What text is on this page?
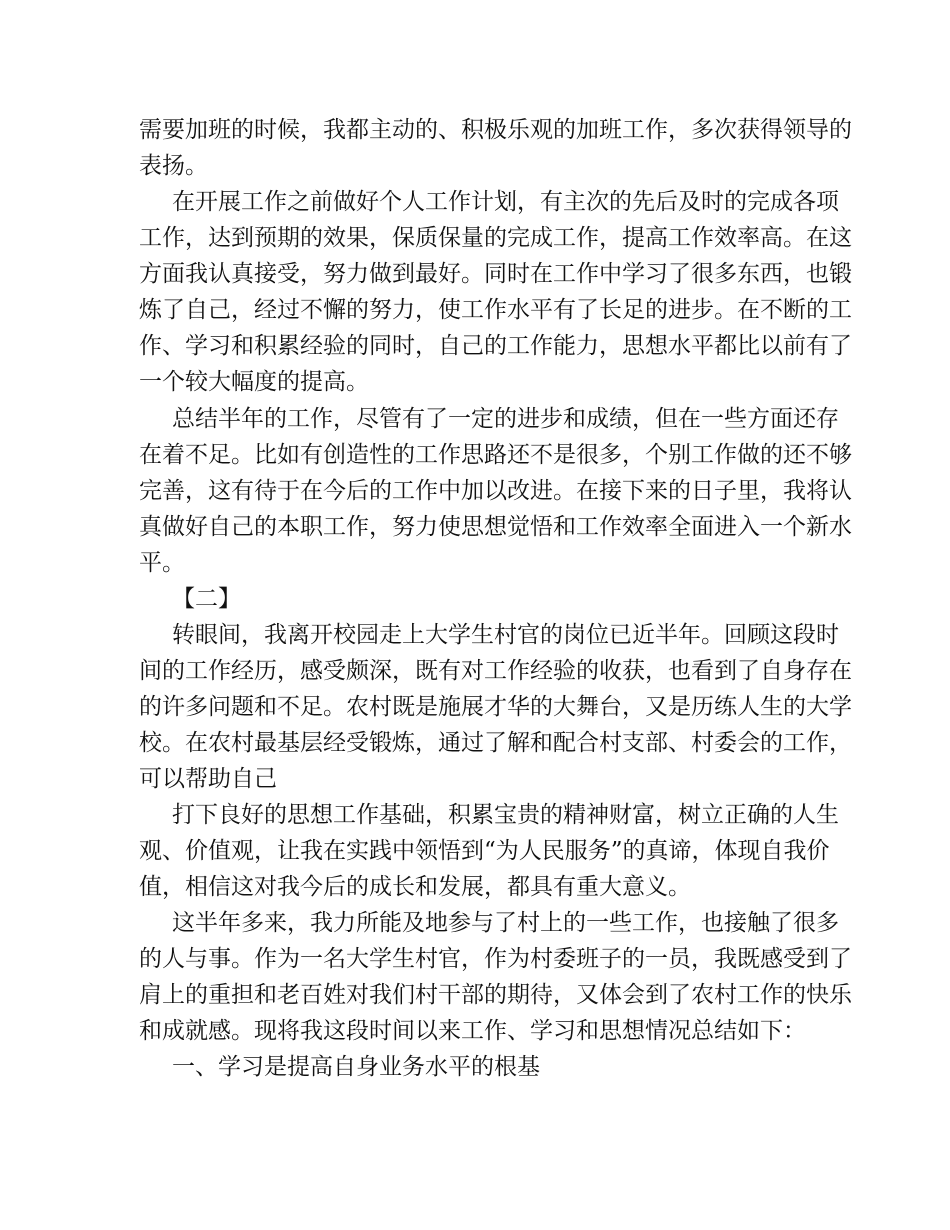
需要加班的时候，我都主动的、积极乐观的加班工作，多次获得领导的
表扬。
在开展工作之前做好个人工作计划，有主次的先后及时的完成各项
工作，达到预期的效果，保质保量的完成工作，提高工作效率高。在这
方面我认真接受，努力做到最好。同时在工作中学习了很多东西，也锻
炼了自己，经过不懈的努力，使工作水平有了长足的进步。在不断的工
作、学习和积累经验的同时，自己的工作能力，思想水平都比以前有了
一个较大幅度的提高。
总结半年的工作，尽管有了一定的进步和成绩，但在一些方面还存
在着不足。比如有创造性的工作思路还不是很多，个别工作做的还不够
完善，这有待于在今后的工作中加以改进。在接下来的日子里，我将认
真做好自己的本职工作，努力使思想觉悟和工作效率全面进入一个新水
平。
【二】
转眼间，我离开校园走上大学生村官的岗位已近半年。回顾这段时
间的工作经历，感受颇深，既有对工作经验的收获，也看到了自身存在
的许多问题和不足。农村既是施展才华的大舞台，又是历练人生的大学
校。在农村最基层经受锻炼，通过了解和配合村支部、村委会的工作，
可以帮助自己
打下良好的思想工作基础，积累宝贵的精神财富，树立正确的人生
观、价值观，让我在实践中领悟到“为人民服务”的真谛，体现自我价
值，相信这对我今后的成长和发展，都具有重大意义。
这半年多来，我力所能及地参与了村上的一些工作，也接触了很多
的人与事。作为一名大学生村官，作为村委班子的一员，我既感受到了
肩上的重担和老百姓对我们村干部的期待，又体会到了农村工作的快乐
和成就感。现将我这段时间以来工作、学习和思想情况总结如下：
一、学习是提高自身业务水平的根基
